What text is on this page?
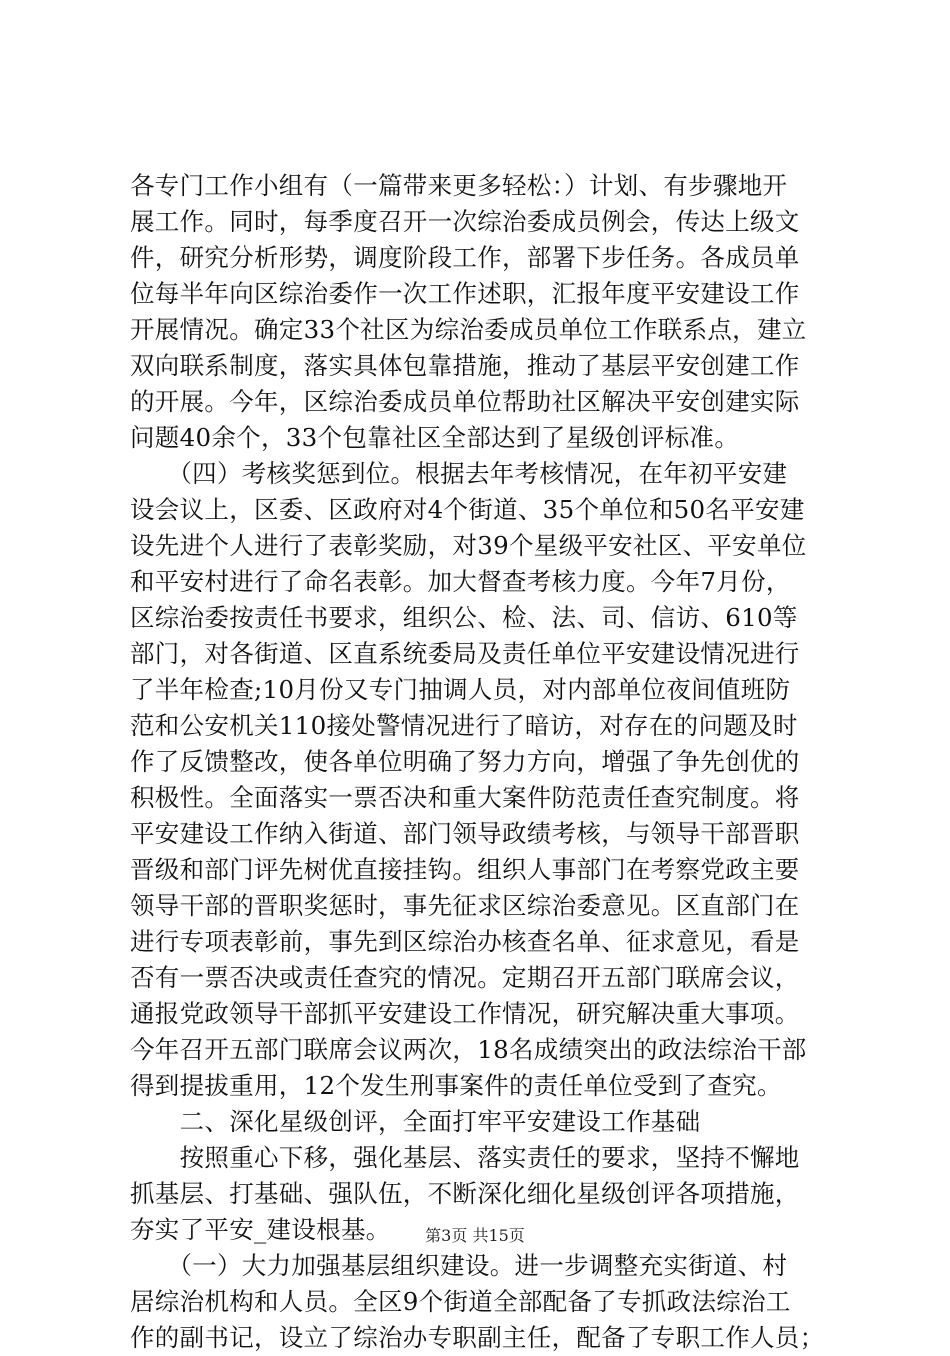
各专门工作小组有（一篇带来更多轻松：）计划、有步骤地开
展工作。同时，每季度召开一次综治委成员例会，传达上级文
件，研究分析形势，调度阶段工作，部署下步任务。各成员单
位每半年向区综治委作一次工作述职，汇报年度平安建设工作
开展情况。确定33个社区为综治委成员单位工作联系点，建立
双向联系制度，落实具体包靠措施，推动了基层平安创建工作
的开展。今年，区综治委成员单位帮助社区解决平安创建实际
问题40余个，33个包靠社区全部达到了星级创评标准。
　　（四）考核奖惩到位。根据去年考核情况，在年初平安建
设会议上，区委、区政府对4个街道、35个单位和50名平安建
设先进个人进行了表彰奖励，对39个星级平安社区、平安单位
和平安村进行了命名表彰。加大督查考核力度。今年7月份，
区综治委按责任书要求，组织公、检、法、司、信访、610等
部门，对各街道、区直系统委局及责任单位平安建设情况进行
了半年检查;10月份又专门抽调人员，对内部单位夜间值班防
范和公安机关110接处警情况进行了暗访，对存在的问题及时
作了反馈整改，使各单位明确了努力方向，增强了争先创优的
积极性。全面落实一票否决和重大案件防范责任查究制度。将
平安建设工作纳入街道、部门领导政绩考核，与领导干部晋职
晋级和部门评先树优直接挂钩。组织人事部门在考察党政主要
领导干部的晋职奖惩时，事先征求区综治委意见。区直部门在
进行专项表彰前，事先到区综治办核查名单、征求意见，看是
否有一票否决或责任查究的情况。定期召开五部门联席会议，
通报党政领导干部抓平安建设工作情况，研究解决重大事项。
今年召开五部门联席会议两次，18名成绩突出的政法综治干部
得到提拔重用，12个发生刑事案件的责任单位受到了查究。
　　二、深化星级创评，全面打牢平安建设工作基础
　　按照重心下移，强化基层、落实责任的要求，坚持不懈地
抓基层、打基础、强队伍，不断深化细化星级创评各项措施，
夯实了平安_建设根基。
　　（一）大力加强基层组织建设。进一步调整充实街道、村
居综治机构和人员。全区9个街道全部配备了专抓政法综治工
作的副书记，设立了综治办专职副主任，配备了专职工作人员；
第3页 共15页
